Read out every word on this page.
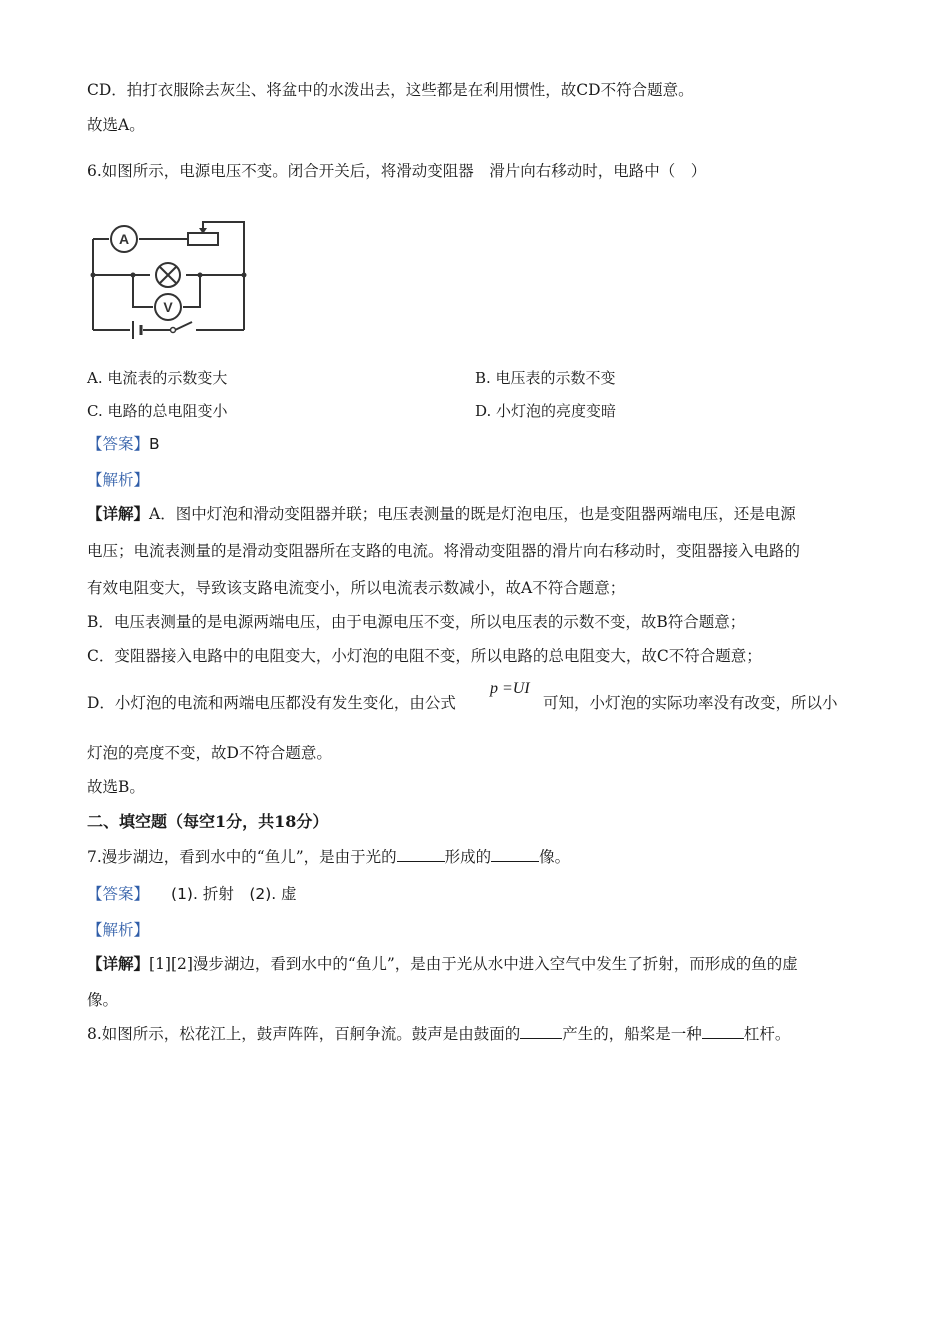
CD．拍打衣服除去灰尘、将盆中的水泼出去，这些都是在利用惯性，故CD不符合题意。
故选A。
6.如图所示，电源电压不变。闭合开关后，将滑动变阻器　滑片向右移动时，电路中（　）
A
V
A. 电流表的示数变大	B. 电压表的示数不变
C. 电路的总电阻变小	D. 小灯泡的亮度变暗
【答案】B
【解析】
【详解】A．图中灯泡和滑动变阻器并联；电压表测量的既是灯泡电压，也是变阻器两端电压，还是电源
电压；电流表测量的是滑动变阻器所在支路的电流。将滑动变阻器的滑片向右移动时，变阻器接入电路的
有效电阻变大，导致该支路电流变小，所以电流表示数减小，故A不符合题意；
B．电压表测量的是电源两端电压，由于电源电压不变，所以电压表的示数不变，故B符合题意；
C．变阻器接入电路中的电阻变大，小灯泡的电阻不变，所以电路的总电阻变大，故C不符合题意；
D．小灯泡的电流和两端电压都没有发生变化，由公式
p =UI
可知，小灯泡的实际功率没有改变，所以小
灯泡的亮度不变，故D不符合题意。
故选B。
二、填空题（每空1分，共18分）
7.漫步湖边，看到水中的“鱼儿”，是由于光的	形成的	像。
【答案】 (1). 折射　(2). 虚
【解析】
【详解】[1][2]漫步湖边，看到水中的“鱼儿”，是由于光从水中进入空气中发生了折射，而形成的鱼的虚
像。
8.如图所示，松花江上，鼓声阵阵，百舸争流。鼓声是由鼓面的	产生的，船桨是一种	杠杆。
